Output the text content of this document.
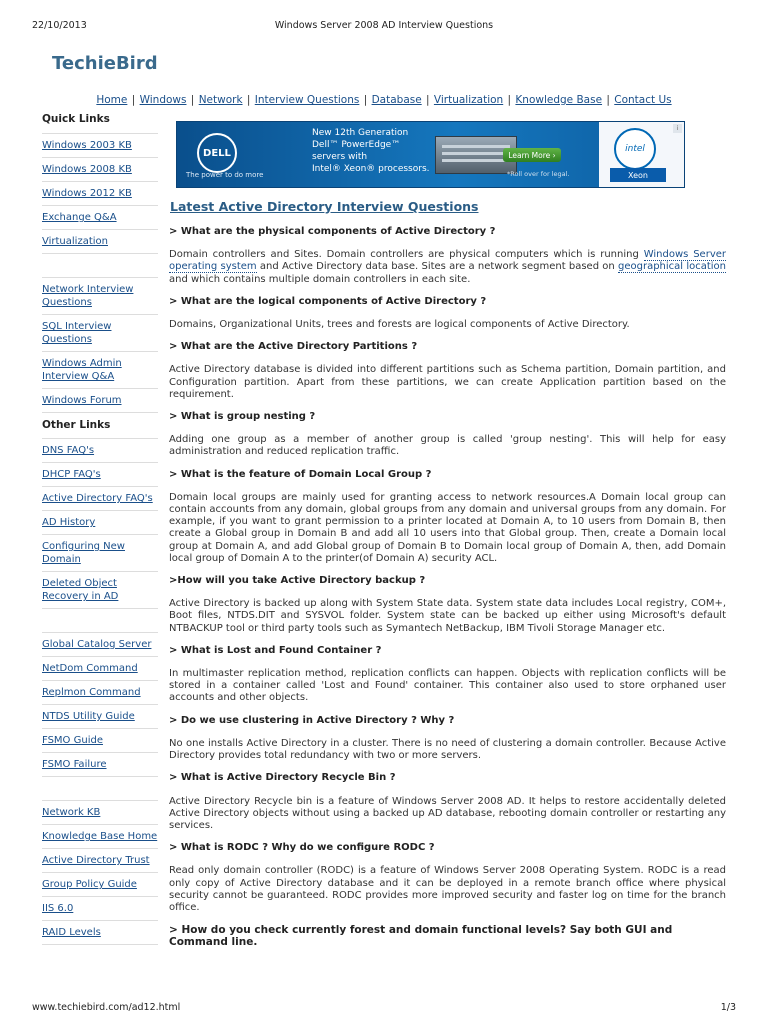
22/10/2013	Windows Server 2008 AD Interview Questions
TechieBird
Home | Windows | Network | Interview Questions | Database | Virtualization | Knowledge Base | Contact Us
Quick Links
Windows 2003 KB
Windows 2008 KB
Windows 2012 KB
Exchange Q&A
Virtualization
Network Interview Questions
SQL Interview Questions
Windows Admin Interview Q&A
Windows Forum
Other Links
DNS FAQ's
DHCP FAQ's
Active Directory FAQ's
AD History
Configuring New Domain
Deleted Object Recovery in AD
Global Catalog Server
NetDom Command
Replmon Command
NTDS Utility Guide
FSMO Guide
FSMO Failure
Network KB
Knowledge Base Home
Active Directory Trust
Group Policy Guide
IIS 6.0
RAID Levels
DELL
The power to do more
New 12th Generation
Dell™ PowerEdge™
servers with
Intel® Xeon® processors.
Learn More ›
*Roll over for legal.
intel
Xeon
i
Latest Active Directory Interview Questions
> What are the physical components of Active Directory ?
Domain controllers and Sites. Domain controllers are physical computers which is running Windows Server operating system and Active Directory data base. Sites are a network segment based on geographical location and which contains multiple domain controllers in each site.
> What are the logical components of Active Directory ?
Domains, Organizational Units, trees and forests are logical components of Active Directory.
> What are the Active Directory Partitions ?
Active Directory database is divided into different partitions such as Schema partition, Domain partition, and Configuration partition. Apart from these partitions, we can create Application partition based on the requirement.
> What is group nesting ?
Adding one group as a member of another group is called 'group nesting'. This will help for easy administration and reduced replication traffic.
> What is the feature of Domain Local Group ?
Domain local groups are mainly used for granting access to network resources.A Domain local group can contain accounts from any domain, global groups from any domain and universal groups from any domain. For example, if you want to grant permission to a printer located at Domain A, to 10 users from Domain B, then create a Global group in Domain B and add all 10 users into that Global group. Then, create a Domain local group at Domain A, and add Global group of Domain B to Domain local group of Domain A, then, add Domain local group of Domain A to the printer(of Domain A) security ACL.
>How will you take Active Directory backup ?
Active Directory is backed up along with System State data. System state data includes Local registry, COM+, Boot files, NTDS.DIT and SYSVOL folder. System state can be backed up either using Microsoft's default NTBACKUP tool or third party tools such as Symantech NetBackup, IBM Tivoli Storage Manager etc.
> What is Lost and Found Container ?
In multimaster replication method, replication conflicts can happen. Objects with replication conflicts will be stored in a container called 'Lost and Found' container. This container also used to store orphaned user accounts and other objects.
> Do we use clustering in Active Directory ? Why ?
No one installs Active Directory in a cluster. There is no need of clustering a domain controller. Because Active Directory provides total redundancy with two or more servers.
> What is Active Directory Recycle Bin ?
Active Directory Recycle bin is a feature of Windows Server 2008 AD. It helps to restore accidentally deleted Active Directory objects without using a backed up AD database, rebooting domain controller or restarting any services.
> What is RODC ? Why do we configure RODC ?
Read only domain controller (RODC) is a feature of Windows Server 2008 Operating System. RODC is a read only copy of Active Directory database and it can be deployed in a remote branch office where physical security cannot be guaranteed. RODC provides more improved security and faster log on time for the branch office.
> How do you check currently forest and domain functional levels? Say both GUI and Command line.
www.techiebird.com/ad12.html	1/3
